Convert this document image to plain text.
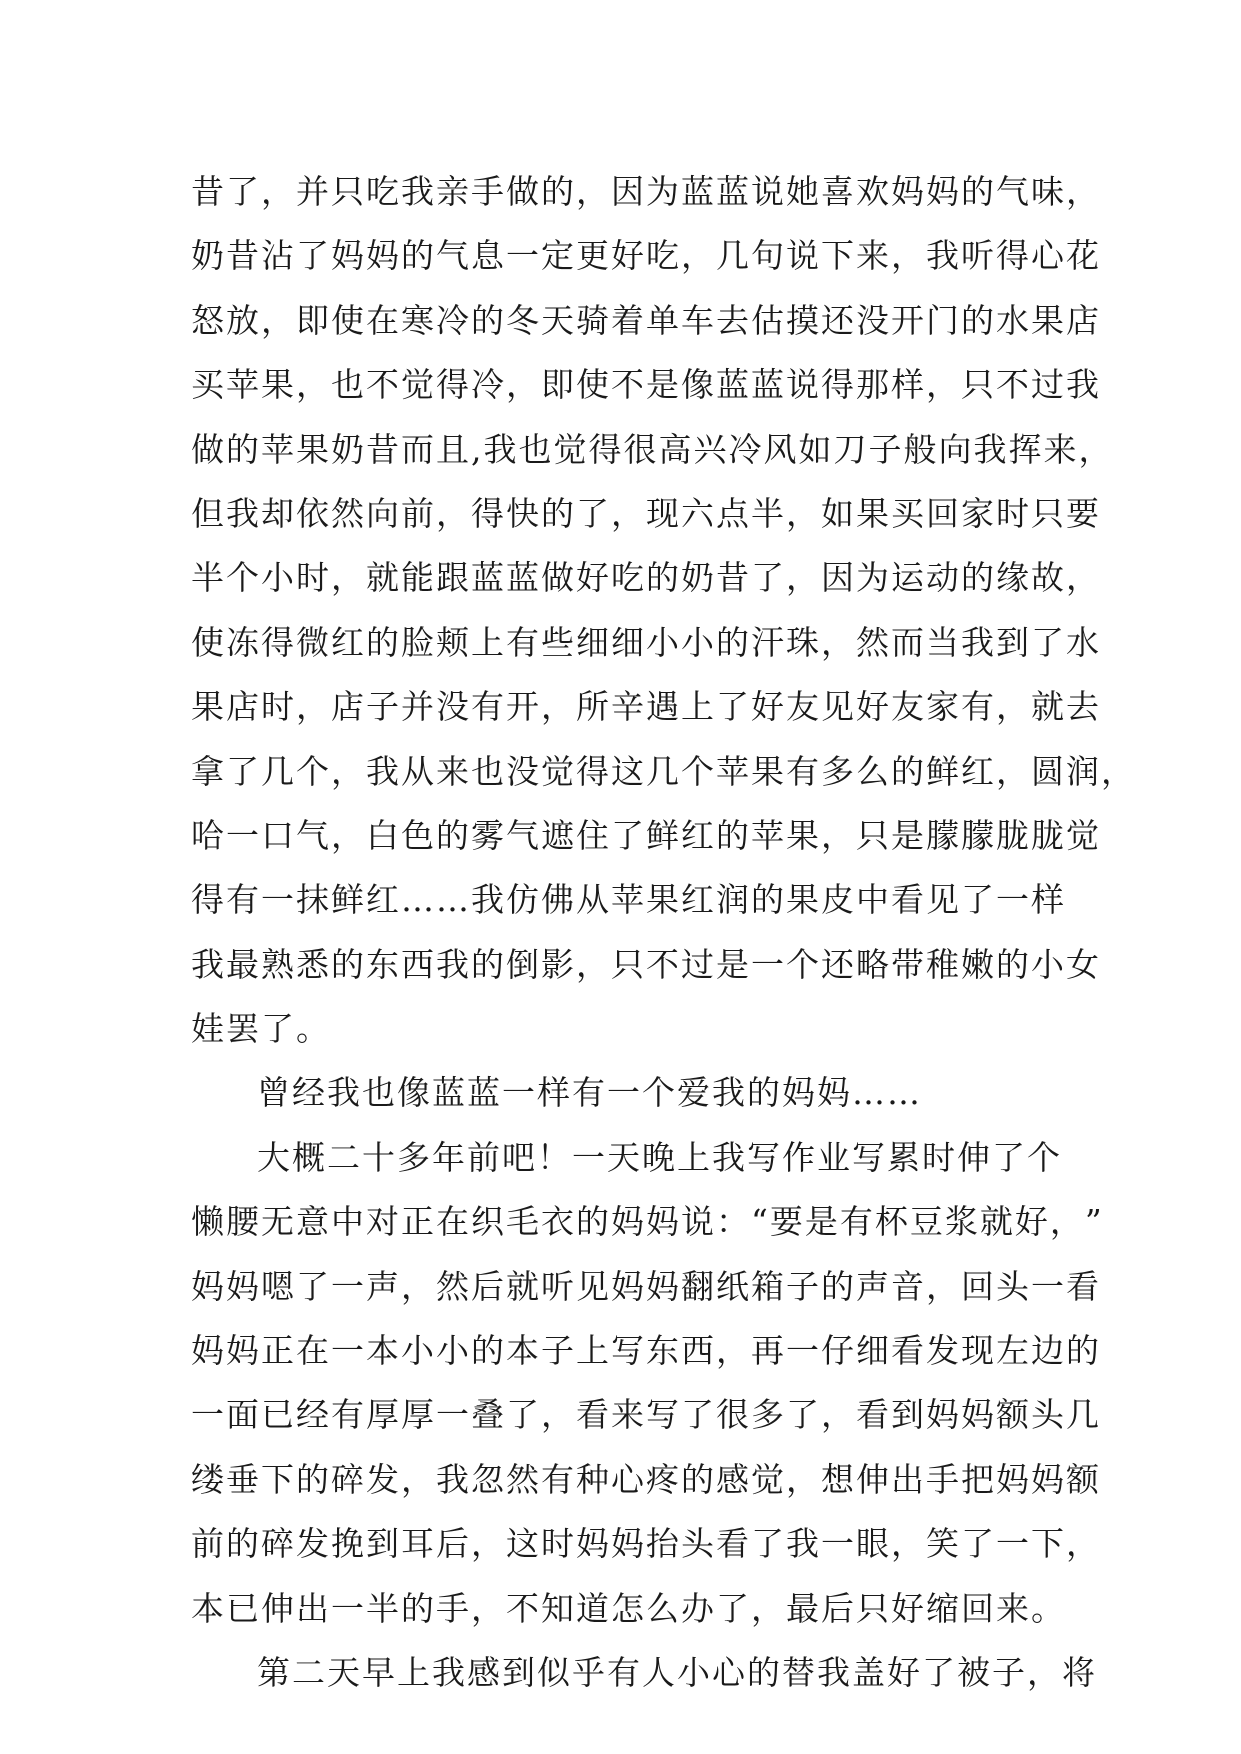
昔 了 ， 并 只 吃 我 亲 手 做 的 ， 因 为 蓝 蓝 说 她 喜 欢 妈 妈 的 气 味 ，
奶 昔 沾 了 妈 妈 的 气 息 一 定 更 好 吃 ， 几 句 说 下 来 ， 我 听 得 心 花
怒 放 ， 即 使 在 寒 冷 的 冬 天 骑 着 单 车 去 估 摸 还 没 开 门 的 水 果 店
买 苹 果 ， 也 不 觉 得 冷 ， 即 使 不 是 像 蓝 蓝 说 得 那 样 ， 只 不 过 我
做 的 苹 果 奶 昔 而 且 , 我 也 觉 得 很 高 兴 冷 风 如 刀 子 般 向 我 挥 来 ，
但 我 却 依 然 向 前 ， 得 快 的 了 ， 现 六 点 半 ， 如 果 买 回 家 时 只 要
半 个 小 时 ， 就 能 跟 蓝 蓝 做 好 吃 的 奶 昔 了 ， 因 为 运 动 的 缘 故 ，
使 冻 得 微 红 的 脸 颊 上 有 些 细 细 小 小 的 汗 珠 ， 然 而 当 我 到 了 水
果 店 时 ， 店 子 并 没 有 开 ， 所 辛 遇 上 了 好 友 见 好 友 家 有 ， 就 去
拿 了 几 个 ， 我 从 来 也 没 觉 得 这 几 个 苹 果 有 多 么 的 鲜 红 ， 圆 润 ，
哈 一 口 气 ， 白 色 的 雾 气 遮 住 了 鲜 红 的 苹 果 ， 只 是 朦 朦 胧 胧 觉
得 有 一 抹 鲜 红 … … 我 仿 佛 从 苹 果 红 润 的 果 皮 中 看 见 了 一 样
我 最 熟 悉 的 东 西 我 的 倒 影 ， 只 不 过 是 一 个 还 略 带 稚 嫩 的 小 女
娃 罢 了 。
曾 经 我 也 像 蓝 蓝 一 样 有 一 个 爱 我 的 妈 妈 … …
大 概 二 十 多 年 前 吧 ！ 一 天 晚 上 我 写 作 业 写 累 时 伸 了 个
懒 腰 无 意 中 对 正 在 织 毛 衣 的 妈 妈 说 ： “ 要 是 有 杯 豆 浆 就 好 ， ”
妈 妈 嗯 了 一 声 ， 然 后 就 听 见 妈 妈 翻 纸 箱 子 的 声 音 ， 回 头 一 看
妈 妈 正 在 一 本 小 小 的 本 子 上 写 东 西 ， 再 一 仔 细 看 发 现 左 边 的
一 面 已 经 有 厚 厚 一 叠 了 ， 看 来 写 了 很 多 了 ， 看 到 妈 妈 额 头 几
缕 垂 下 的 碎 发 ， 我 忽 然 有 种 心 疼 的 感 觉 ， 想 伸 出 手 把 妈 妈 额
前 的 碎 发 挽 到 耳 后 ， 这 时 妈 妈 抬 头 看 了 我 一 眼 ， 笑 了 一 下 ，
本 已 伸 出 一 半 的 手 ， 不 知 道 怎 么 办 了 ， 最 后 只 好 缩 回 来 。
第 二 天 早 上 我 感 到 似 乎 有 人 小 心 的 替 我 盖 好 了 被 子 ， 将
